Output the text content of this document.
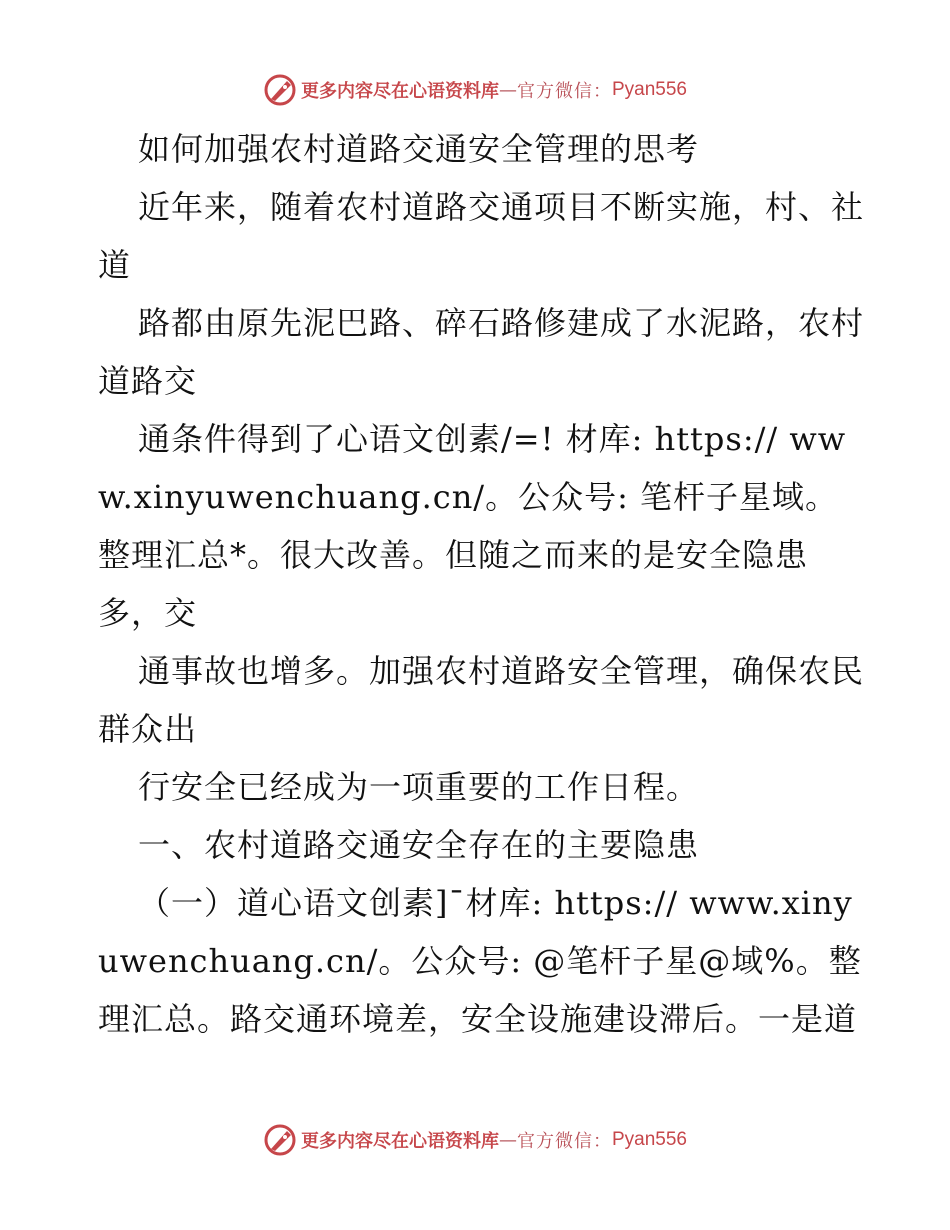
更多内容尽在心语资料库 — 官方微信： Pyan556

如何加强农村道路交通安全管理的思考

近年来，随着农村道路交通项目不断实施，村、社道

路都由原先泥巴路、碎石路修建成了水泥路，农村道路交

通条件得到了心语文创素/=! 材库: https:// www.xinyuwenchuang.cn/。公众号: 笔杆子星域。整理汇总*。很大改善。但随之而来的是安全隐患多，交

通事故也增多。加强农村道路安全管理，确保农民群众出

行安全已经成为一项重要的工作日程。

一、农村道路交通安全存在的主要隐患

（一）道心语文创素]¯材库: https:// www.xinyuwenchuang.cn/。公众号: @笔杆子星@域%。整理汇总。路交通环境差，安全设施建设滞后。一是道

更多内容尽在心语资料库 — 官方微信： Pyan556
